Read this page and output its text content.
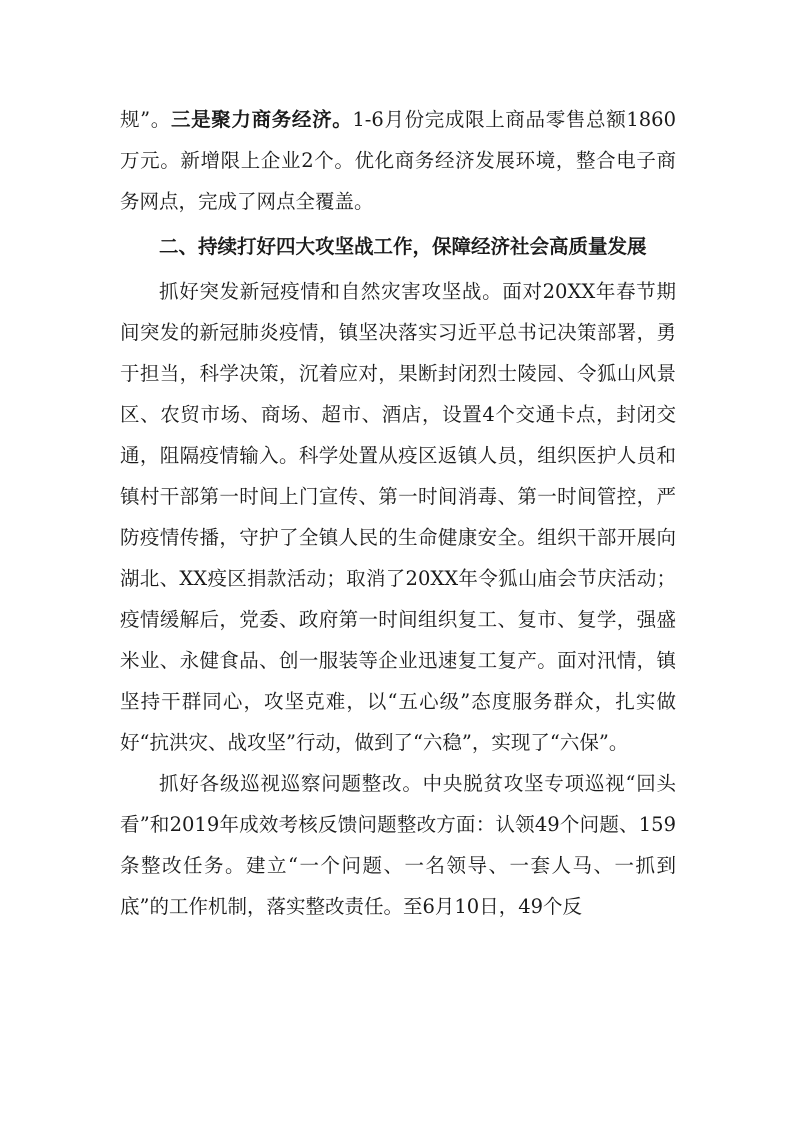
规”。三是聚力商务经济。1-6月份完成限上商品零售总额1860万元。新增限上企业2个。优化商务经济发展环境，整合电子商务网点，完成了网点全覆盖。

二、持续打好四大攻坚战工作，保障经济社会高质量发展

抓好突发新冠疫情和自然灾害攻坚战。面对20XX年春节期间突发的新冠肺炎疫情，镇坚决落实习近平总书记决策部署，勇于担当，科学决策，沉着应对，果断封闭烈士陵园、令狐山风景区、农贸市场、商场、超市、酒店，设置4个交通卡点，封闭交通，阻隔疫情输入。科学处置从疫区返镇人员，组织医护人员和镇村干部第一时间上门宣传、第一时间消毒、第一时间管控，严防疫情传播，守护了全镇人民的生命健康安全。组织干部开展向湖北、XX疫区捐款活动；取消了20XX年令狐山庙会节庆活动；疫情缓解后，党委、政府第一时间组织复工、复市、复学，强盛米业、永健食品、创一服装等企业迅速复工复产。面对汛情，镇坚持干群同心，攻坚克难，以“五心级”态度服务群众，扎实做好“抗洪灾、战攻坚”行动，做到了“六稳”，实现了“六保”。

抓好各级巡视巡察问题整改。中央脱贫攻坚专项巡视“回头看”和2019年成效考核反馈问题整改方面：认领49个问题、159条整改任务。建立“一个问题、一名领导、一套人马、一抓到底”的工作机制，落实整改责任。至6月10日，49个反
